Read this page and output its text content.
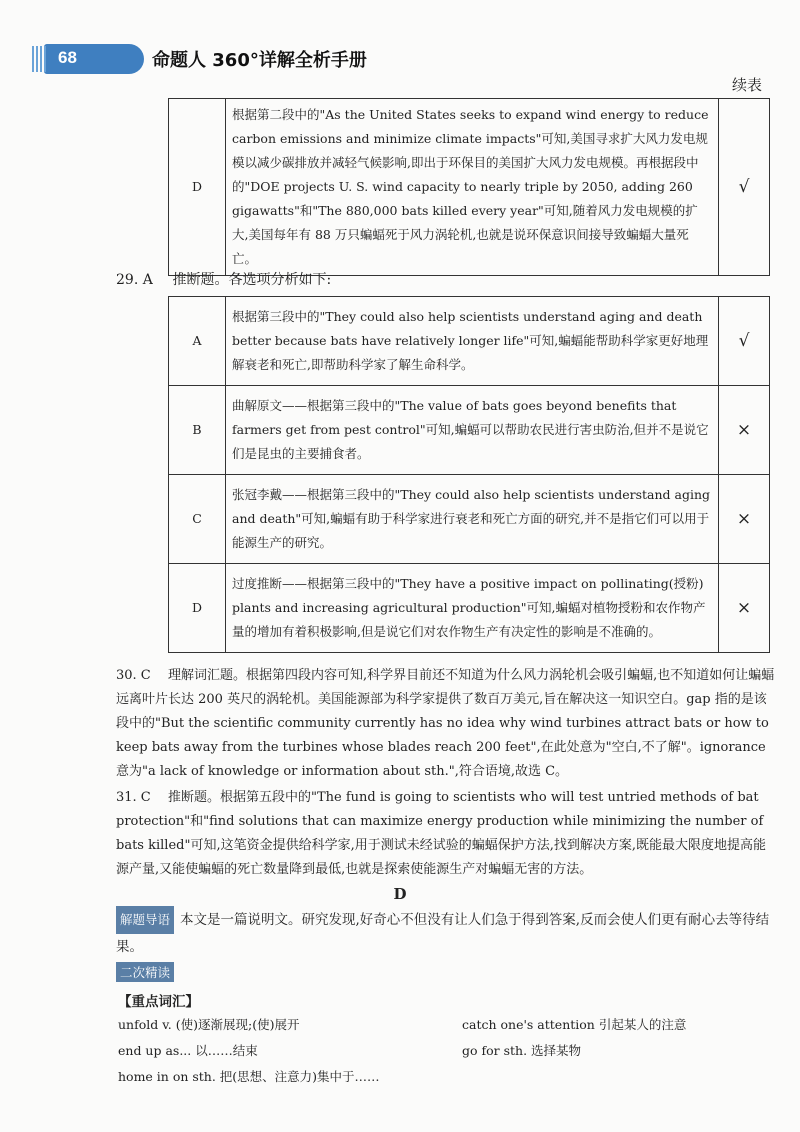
68	命题人 360°详解全析手册
续表
D	根据第二段中的"As the United States seeks to expand wind energy to reduce carbon emissions and minimize climate impacts"可知,美国寻求扩大风力发电规模以减少碳排放并减轻气候影响,即出于环保目的美国扩大风力发电规模。再根据段中的"DOE projects U. S. wind capacity to nearly triple by 2050, adding 260 gigawatts"和"The 880,000 bats killed every year"可知,随着风力发电规模的扩大,美国每年有 88 万只蝙蝠死于风力涡轮机,也就是说环保意识间接导致蝙蝠大量死亡。	√
29. A 推断题。各选项分析如下:
A	根据第三段中的"They could also help scientists understand aging and death better because bats have relatively longer life"可知,蝙蝠能帮助科学家更好地理解衰老和死亡,即帮助科学家了解生命科学。	√
B	曲解原文——根据第三段中的"The value of bats goes beyond benefits that farmers get from pest control"可知,蝙蝠可以帮助农民进行害虫防治,但并不是说它们是昆虫的主要捕食者。	×
C	张冠李戴——根据第三段中的"They could also help scientists understand aging and death"可知,蝙蝠有助于科学家进行衰老和死亡方面的研究,并不是指它们可以用于能源生产的研究。	×
D	过度推断——根据第三段中的"They have a positive impact on pollinating(授粉) plants and increasing agricultural production"可知,蝙蝠对植物授粉和农作物产量的增加有着积极影响,但是说它们对农作物生产有决定性的影响是不准确的。	×
30. C 理解词汇题。根据第四段内容可知,科学界目前还不知道为什么风力涡轮机会吸引蝙蝠,也不知道如何让蝙蝠远离叶片长达 200 英尺的涡轮机。美国能源部为科学家提供了数百万美元,旨在解决这一知识空白。gap 指的是该段中的"But the scientific community currently has no idea why wind turbines attract bats or how to keep bats away from the turbines whose blades reach 200 feet",在此处意为"空白,不了解"。ignorance 意为"a lack of knowledge or information about sth.",符合语境,故选 C。
31. C 推断题。根据第五段中的"The fund is going to scientists who will test untried methods of bat protection"和"find solutions that can maximize energy production while minimizing the number of bats killed"可知,这笔资金提供给科学家,用于测试未经试验的蝙蝠保护方法,找到解决方案,既能最大限度地提高能源产量,又能使蝙蝠的死亡数量降到最低,也就是探索使能源生产对蝙蝠无害的方法。
D
解题导语 本文是一篇说明文。研究发现,好奇心不但没有让人们急于得到答案,反而会使人们更有耐心去等待结果。
二次精读
【重点词汇】
unfold v. (使)逐渐展现;(使)展开
end up as... 以……结束
home in on sth. 把(思想、注意力)集中于……
catch one's attention 引起某人的注意
go for sth. 选择某物
